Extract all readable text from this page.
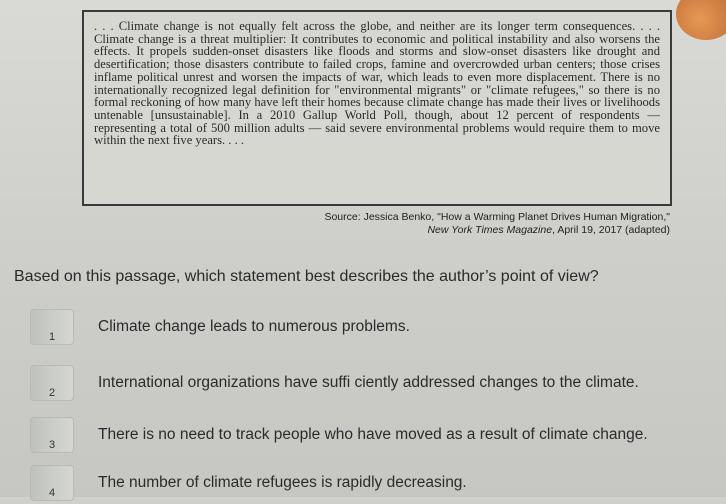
. . . Climate change is not equally felt across the globe, and neither are its longer term consequences. . . . Climate change is a threat multiplier: It contributes to economic and political instability and also worsens the effects. It propels sudden-onset disasters like floods and storms and slow-onset disasters like drought and desertification; those disasters contribute to failed crops, famine and overcrowded urban centers; those crises inflame political unrest and worsen the impacts of war, which leads to even more displacement. There is no internationally recognized legal definition for "environmental migrants" or "climate refugees," so there is no formal reckoning of how many have left their homes because climate change has made their lives or livelihoods untenable [unsustainable]. In a 2010 Gallup World Poll, though, about 12 percent of respondents — representing a total of 500 million adults — said severe environmental problems would require them to move within the next five years. . . .

Source: Jessica Benko, "How a Warming Planet Drives Human Migration,"
New York Times Magazine, April 19, 2017 (adapted)
Based on this passage, which statement best describes the author’s point of view?
1
Climate change leads to numerous problems.
2
International organizations have suffi ciently addressed changes to the climate.
3
There is no need to track people who have moved as a result of climate change.
4
The number of climate refugees is rapidly decreasing.
